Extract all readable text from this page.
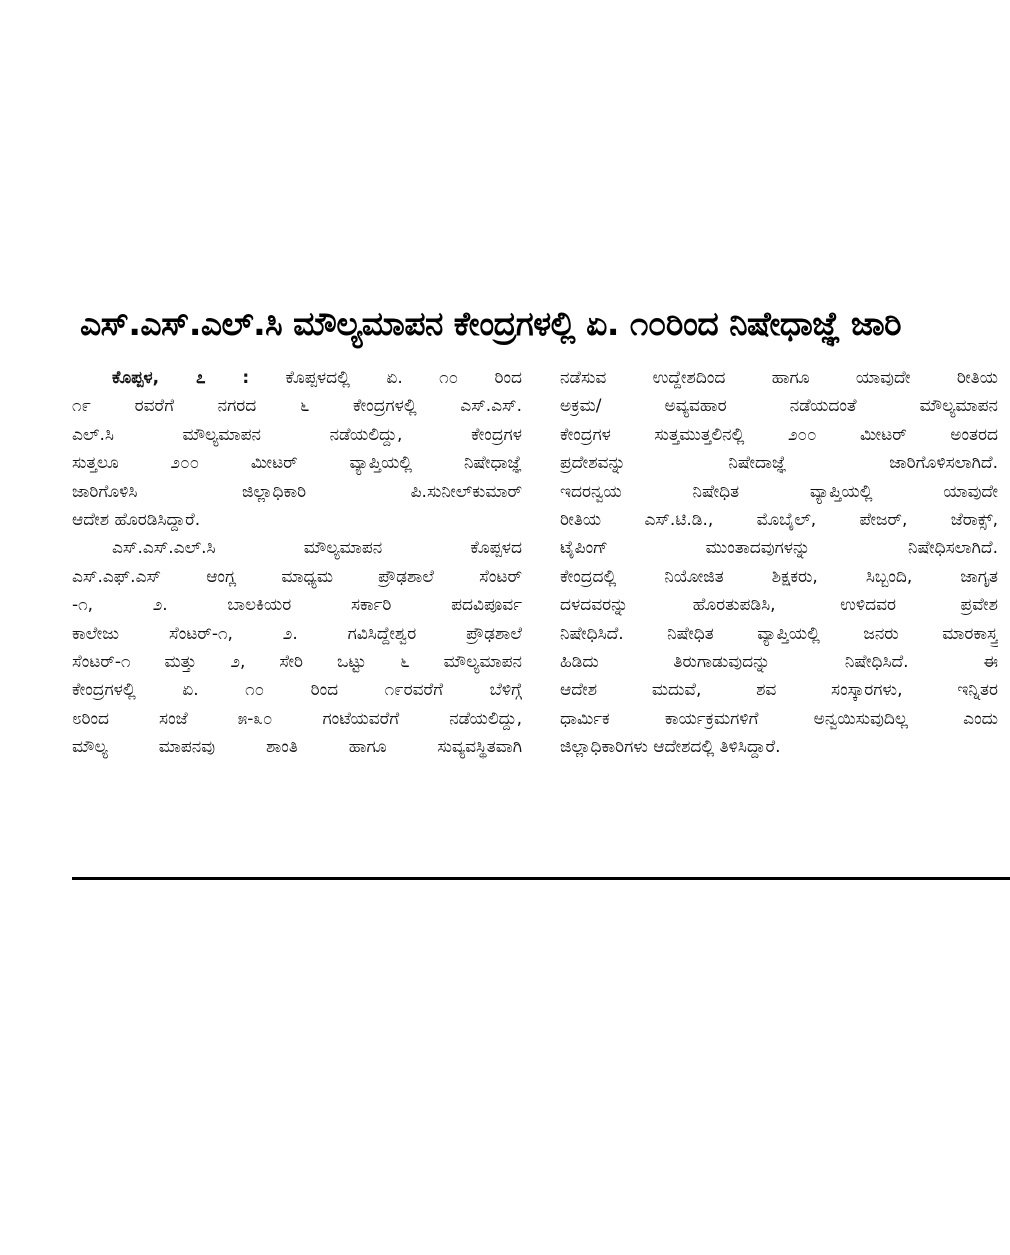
ಎಸ್.ಎಸ್.ಎಲ್.ಸಿ ಮೌಲ್ಯಮಾಪನ ಕೇಂದ್ರಗಳಲ್ಲಿ ಏ. ೧೦ರಿಂದ ನಿಷೇಧಾಜ್ಞೆ ಜಾರಿ
ಕೊಪ್ಪಳ, ೭ : ಕೊಪ್ಪಳದಲ್ಲಿ ಏ. ೧೦ ರಿಂದ
೧೯ ರವರೆಗೆ ನಗರದ ೬ ಕೇಂದ್ರಗಳಲ್ಲಿ ಎಸ್.ಎಸ್.
ಎಲ್.ಸಿ ಮೌಲ್ಯಮಾಪನ ನಡೆಯಲಿದ್ದು, ಕೇಂದ್ರಗಳ
ಸುತ್ತಲೂ ೨೦೦ ಮೀಟರ್ ವ್ಯಾಪ್ತಿಯಲ್ಲಿ ನಿಷೇಧಾಜ್ಞೆ
ಜಾರಿಗೊಳಿಸಿ ಜಿಲ್ಲಾಧಿಕಾರಿ ಪಿ.ಸುನೀಲ್‌ಕುಮಾರ್
ಆದೇಶ ಹೊರಡಿಸಿದ್ದಾರೆ.
ಎಸ್.ಎಸ್.ಎಲ್.ಸಿ ಮೌಲ್ಯಮಾಪನ ಕೊಪ್ಪಳದ
ಎಸ್.ಎಫ್.ಎಸ್ ಆಂಗ್ಲ ಮಾಧ್ಯಮ ಪ್ರೌಢಶಾಲೆ ಸೆಂಟರ್
-೧, ೨. ಬಾಲಕಿಯರ ಸರ್ಕಾರಿ ಪದವಿಪೂರ್ವ
ಕಾಲೇಜು ಸೆಂಟರ್-೧, ೨. ಗವಿಸಿದ್ದೇಶ್ವರ ಪ್ರೌಢಶಾಲೆ
ಸೆಂಟರ್-೧ ಮತ್ತು ೨, ಸೇರಿ ಒಟ್ಟು ೬ ಮೌಲ್ಯಮಾಪನ
ಕೇಂದ್ರಗಳಲ್ಲಿ ಏ. ೧೦ ರಿಂದ ೧೯ರವರೆಗೆ ಬೆಳಿಗ್ಗೆ
೮ರಿಂದ ಸಂಜೆ ೫-೩೦ ಗಂಟೆಯವರೆಗೆ ನಡೆಯಲಿದ್ದು,
ಮೌಲ್ಯ ಮಾಪನವು ಶಾಂತಿ ಹಾಗೂ ಸುವ್ಯವಸ್ಥಿತವಾಗಿ
ನಡೆಸುವ ಉದ್ದೇಶದಿಂದ ಹಾಗೂ ಯಾವುದೇ ರೀತಿಯ
ಅಕ್ರಮ/ ಅವ್ಯವಹಾರ ನಡೆಯದಂತೆ ಮೌಲ್ಯಮಾಪನ
ಕೇಂದ್ರಗಳ ಸುತ್ತಮುತ್ತಲಿನಲ್ಲಿ ೨೦೦ ಮೀಟರ್ ಅಂತರದ
ಪ್ರದೇಶವನ್ನು ನಿಷೇದಾಜ್ಞೆ ಜಾರಿಗೊಳಿಸಲಾಗಿದೆ.
ಇದರನ್ವಯ ನಿಷೇಧಿತ ವ್ಯಾಪ್ತಿಯಲ್ಲಿ ಯಾವುದೇ
ರೀತಿಯ ಎಸ್.ಟಿ.ಡಿ., ಮೊಬೈಲ್, ಪೇಜರ್, ಜೆರಾಕ್ಸ್,
ಟೈಪಿಂಗ್ ಮುಂತಾದವುಗಳನ್ನು ನಿಷೇಧಿಸಲಾಗಿದೆ.
ಕೇಂದ್ರದಲ್ಲಿ ನಿಯೋಜಿತ ಶಿಕ್ಷಕರು, ಸಿಬ್ಬಂದಿ, ಜಾಗೃತ
ದಳದವರನ್ನು ಹೊರತುಪಡಿಸಿ, ಉಳಿದವರ ಪ್ರವೇಶ
ನಿಷೇಧಿಸಿದೆ. ನಿಷೇಧಿತ ವ್ಯಾಪ್ತಿಯಲ್ಲಿ ಜನರು ಮಾರಕಾಸ್ತ್ರ
ಹಿಡಿದು ತಿರುಗಾಡುವುದನ್ನು ನಿಷೇಧಿಸಿದೆ. ಈ
ಆದೇಶ ಮದುವೆ, ಶವ ಸಂಸ್ಕಾರಗಳು, ಇನ್ನಿತರ
ಧಾರ್ಮಿಕ ಕಾರ್ಯಕ್ರಮಗಳಿಗೆ ಅನ್ವಯಿಸುವುದಿಲ್ಲ ಎಂದು
ಜಿಲ್ಲಾಧಿಕಾರಿಗಳು ಆದೇಶದಲ್ಲಿ ತಿಳಿಸಿದ್ದಾರೆ.
